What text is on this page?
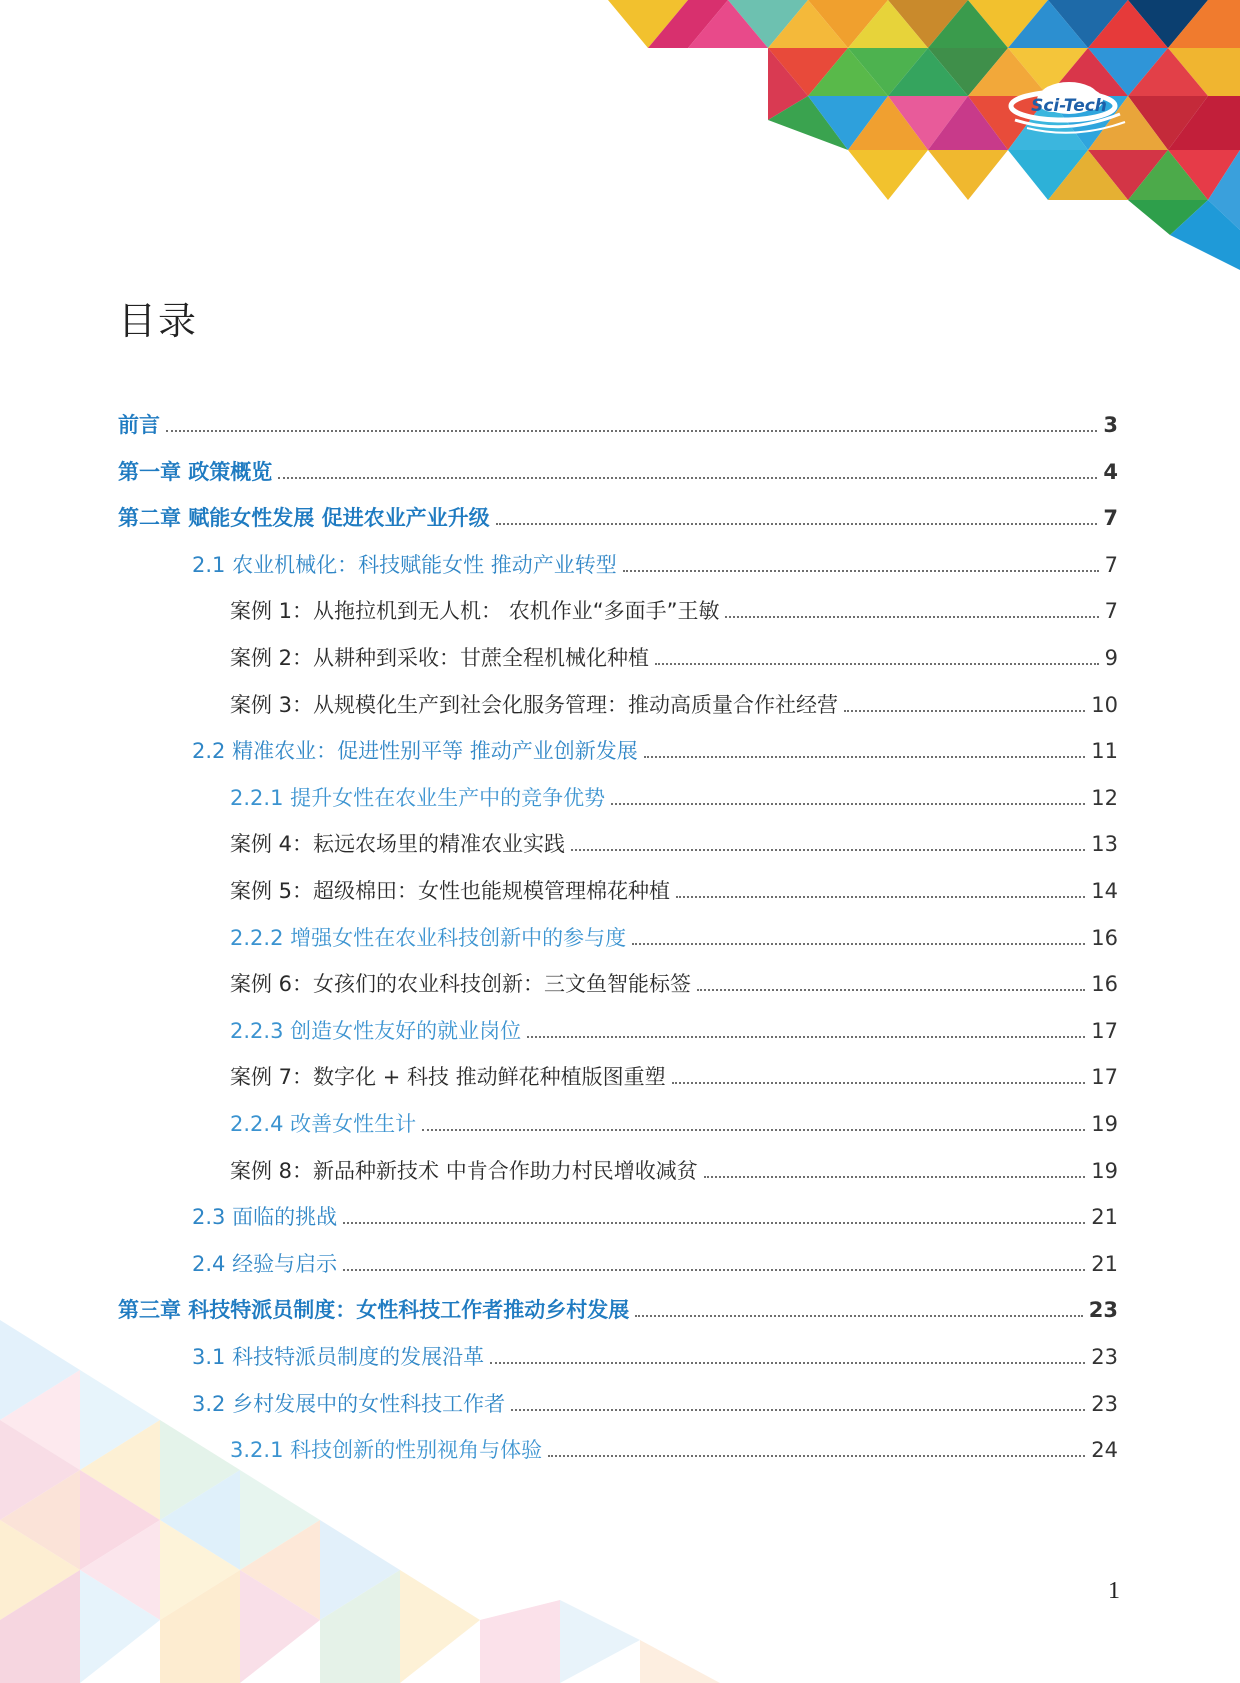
Sci-Tech
目录
前言	3
第一章 政策概览	4
第二章 赋能女性发展 促进农业产业升级	7
2.1 农业机械化：科技赋能女性 推动产业转型	7
案例 1：从拖拉机到无人机： 农机作业“多面手”王敏	7
案例 2：从耕种到采收：甘蔗全程机械化种植	9
案例 3：从规模化生产到社会化服务管理：推动高质量合作社经营	10
2.2 精准农业：促进性别平等 推动产业创新发展	11
2.2.1 提升女性在农业生产中的竞争优势	12
案例 4：耘远农场里的精准农业实践	13
案例 5：超级棉田：女性也能规模管理棉花种植	14
2.2.2 增强女性在农业科技创新中的参与度	16
案例 6：女孩们的农业科技创新：三文鱼智能标签	16
2.2.3 创造女性友好的就业岗位	17
案例 7：数字化 + 科技 推动鲜花种植版图重塑	17
2.2.4 改善女性生计	19
案例 8：新品种新技术 中肯合作助力村民增收减贫	19
2.3 面临的挑战	21
2.4 经验与启示	21
第三章 科技特派员制度：女性科技工作者推动乡村发展	23
3.1 科技特派员制度的发展沿革	23
3.2 乡村发展中的女性科技工作者	23
3.2.1 科技创新的性别视角与体验	24
1
